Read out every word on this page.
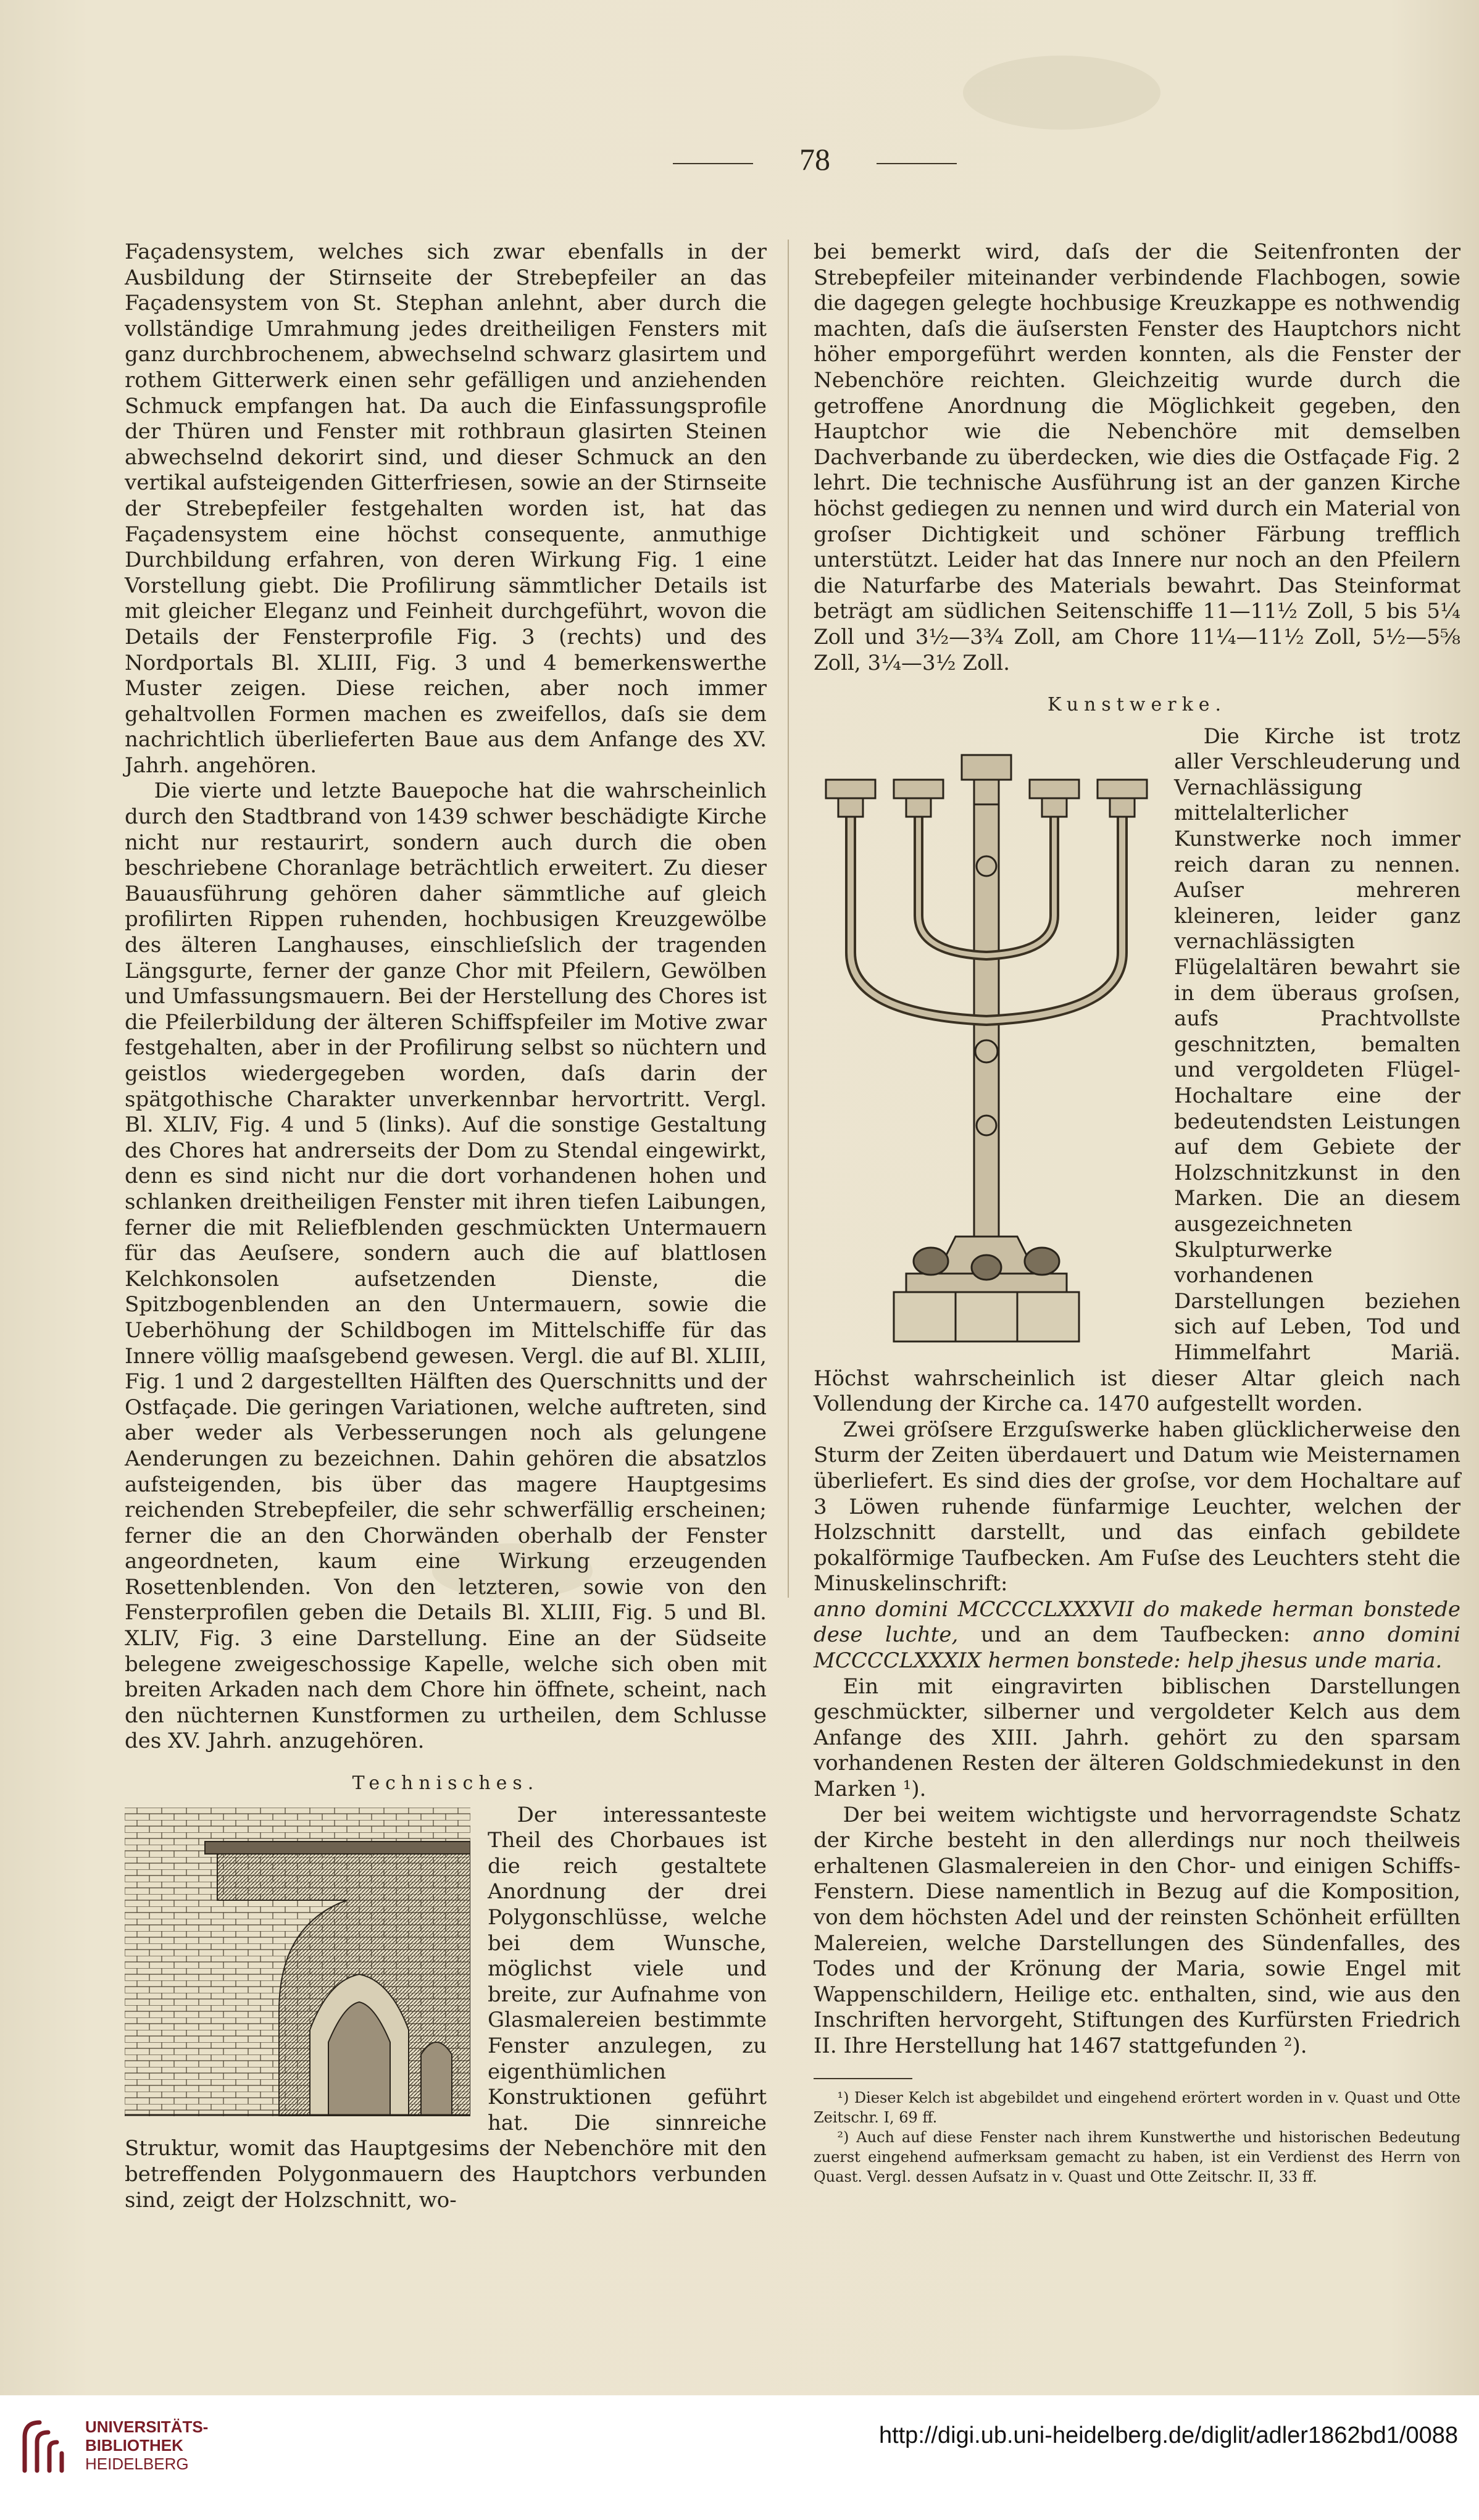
78

Façadensystem, welches sich zwar ebenfalls in der Ausbildung der Stirnseite der Strebepfeiler an das Façadensystem von St. Stephan anlehnt, aber durch die vollständige Umrahmung jedes dreitheiligen Fensters mit ganz durchbrochenem, abwechselnd schwarz glasirtem und rothem Gitterwerk einen sehr gefälligen und anziehenden Schmuck empfangen hat. Da auch die Einfassungsprofile der Thüren und Fenster mit rothbraun glasirten Steinen abwechselnd dekorirt sind, und dieser Schmuck an den vertikal aufsteigenden Gitterfriesen, sowie an der Stirnseite der Strebepfeiler festgehalten worden ist, hat das Façadensystem eine höchst consequente, anmuthige Durchbildung erfahren, von deren Wirkung Fig. 1 eine Vorstellung giebt. Die Profilirung sämmtlicher Details ist mit gleicher Eleganz und Feinheit durchgeführt, wovon die Details der Fensterprofile Fig. 3 (rechts) und des Nordportals Bl. XLIII, Fig. 3 und 4 bemerkenswerthe Muster zeigen. Diese reichen, aber noch immer gehaltvollen Formen machen es zweifellos, daſs sie dem nachrichtlich überlieferten Baue aus dem Anfange des XV. Jahrh. angehören.

Die vierte und letzte Bauepoche hat die wahrscheinlich durch den Stadtbrand von 1439 schwer beschädigte Kirche nicht nur restaurirt, sondern auch durch die oben beschriebene Choranlage beträchtlich erweitert. Zu dieser Bauausführung gehören daher sämmtliche auf gleich profilirten Rippen ruhenden, hochbusigen Kreuzgewölbe des älteren Langhauses, einschlieſslich der tragenden Längsgurte, ferner der ganze Chor mit Pfeilern, Gewölben und Umfassungsmauern. Bei der Herstellung des Chores ist die Pfeilerbildung der älteren Schiffspfeiler im Motive zwar festgehalten, aber in der Profilirung selbst so nüchtern und geistlos wiedergegeben worden, daſs darin der spätgothische Charakter unverkennbar hervortritt. Vergl. Bl. XLIV, Fig. 4 und 5 (links). Auf die sonstige Gestaltung des Chores hat andrerseits der Dom zu Stendal eingewirkt, denn es sind nicht nur die dort vorhandenen hohen und schlanken dreitheiligen Fenster mit ihren tiefen Laibungen, ferner die mit Reliefblenden geschmückten Untermauern für das Aeuſsere, sondern auch die auf blattlosen Kelchkonsolen aufsetzenden Dienste, die Spitzbogenblenden an den Untermauern, sowie die Ueberhöhung der Schildbogen im Mittelschiffe für das Innere völlig maaſsgebend gewesen. Vergl. die auf Bl. XLIII, Fig. 1 und 2 dargestellten Hälften des Querschnitts und der Ostfaçade. Die geringen Variationen, welche auftreten, sind aber weder als Verbesserungen noch als gelungene Aenderungen zu bezeichnen. Dahin gehören die absatzlos aufsteigenden, bis über das magere Hauptgesims reichenden Strebepfeiler, die sehr schwerfällig erscheinen; ferner die an den Chorwänden oberhalb der Fenster angeordneten, kaum eine Wirkung erzeugenden Rosettenblenden. Von den letzteren, sowie von den Fensterprofilen geben die Details Bl. XLIII, Fig. 5 und Bl. XLIV, Fig. 3 eine Darstellung. Eine an der Südseite belegene zweigeschossige Kapelle, welche sich oben mit breiten Arkaden nach dem Chore hin öffnete, scheint, nach den nüchternen Kunstformen zu urtheilen, dem Schlusse des XV. Jahrh. anzugehören.

Technisches.

Der interessanteste Theil des Chorbaues ist die reich gestaltete Anordnung der drei Polygonschlüsse, welche bei dem Wunsche, möglichst viele und breite, zur Aufnahme von Glasmalereien bestimmte Fenster anzulegen, zu eigenthümlichen Konstruktionen geführt hat. Die sinnreiche Struktur, womit das Hauptgesims der Nebenchöre mit den betreffenden Polygonmauern des Hauptchors verbunden sind, zeigt der Holzschnitt, wo-

bei bemerkt wird, daſs der die Seitenfronten der Strebepfeiler miteinander verbindende Flachbogen, sowie die dagegen gelegte hochbusige Kreuzkappe es nothwendig machten, daſs die äuſsersten Fenster des Hauptchors nicht höher emporgeführt werden konnten, als die Fenster der Nebenchöre reichten. Gleichzeitig wurde durch die getroffene Anordnung die Möglichkeit gegeben, den Hauptchor wie die Nebenchöre mit demselben Dachverbande zu überdecken, wie dies die Ostfaçade Fig. 2 lehrt. Die technische Ausführung ist an der ganzen Kirche höchst gediegen zu nennen und wird durch ein Material von groſser Dichtigkeit und schöner Färbung trefflich unterstützt. Leider hat das Innere nur noch an den Pfeilern die Naturfarbe des Materials bewahrt. Das Steinformat beträgt am südlichen Seitenschiffe 11—11½ Zoll, 5 bis 5¼ Zoll und 3½—3¾ Zoll, am Chore 11¼—11½ Zoll, 5½—5⅝ Zoll, 3¼—3½ Zoll.

Kunstwerke.

Die Kirche ist trotz aller Verschleuderung und Vernachlässigung mittelalterlicher Kunstwerke noch immer reich daran zu nennen. Auſser mehreren kleineren, leider ganz vernachlässigten Flügelaltären bewahrt sie in dem überaus groſsen, aufs Prachtvollste geschnitzten, bemalten und vergoldeten Flügel-Hochaltare eine der bedeutendsten Leistungen auf dem Gebiete der Holzschnitzkunst in den Marken. Die an diesem ausgezeichneten Skulpturwerke vorhandenen Darstellungen beziehen sich auf Leben, Tod und Himmelfahrt Mariä. Höchst wahrscheinlich ist dieser Altar gleich nach Vollendung der Kirche ca. 1470 aufgestellt worden.

Zwei gröſsere Erzguſswerke haben glücklicherweise den Sturm der Zeiten überdauert und Datum wie Meisternamen überliefert. Es sind dies der groſse, vor dem Hochaltare auf 3 Löwen ruhende fünfarmige Leuchter, welchen der Holzschnitt darstellt, und das einfach gebildete pokalförmige Taufbecken. Am Fuſse des Leuchters steht die Minuskelinschrift:

anno domini MCCCCLXXXVII do makede herman bonstede dese luchte, und an dem Taufbecken: anno domini MCCCCLXXXIX hermen bonstede: help jhesus unde maria.

Ein mit eingravirten biblischen Darstellungen geschmückter, silberner und vergoldeter Kelch aus dem Anfange des XIII. Jahrh. gehört zu den sparsam vorhandenen Resten der älteren Goldschmiedekunst in den Marken ¹).

Der bei weitem wichtigste und hervorragendste Schatz der Kirche besteht in den allerdings nur noch theilweis erhaltenen Glasmalereien in den Chor- und einigen Schiffs-Fenstern. Diese namentlich in Bezug auf die Komposition, von dem höchsten Adel und der reinsten Schönheit erfüllten Malereien, welche Darstellungen des Sündenfalles, des Todes und der Krönung der Maria, sowie Engel mit Wappenschildern, Heilige etc. enthalten, sind, wie aus den Inschriften hervorgeht, Stiftungen des Kurfürsten Friedrich II. Ihre Herstellung hat 1467 stattgefunden ²).

¹) Dieser Kelch ist abgebildet und eingehend erörtert worden in v. Quast und Otte Zeitschr. I, 69 ff.

²) Auch auf diese Fenster nach ihrem Kunstwerthe und historischen Bedeutung zuerst eingehend aufmerksam gemacht zu haben, ist ein Verdienst des Herrn von Quast. Vergl. dessen Aufsatz in v. Quast und Otte Zeitschr. II, 33 ff.

UNIVERSITÄTS-
BIBLIOTHEK
HEIDELBERG
http://digi.ub.uni-heidelberg.de/diglit/adler1862bd1/0088
